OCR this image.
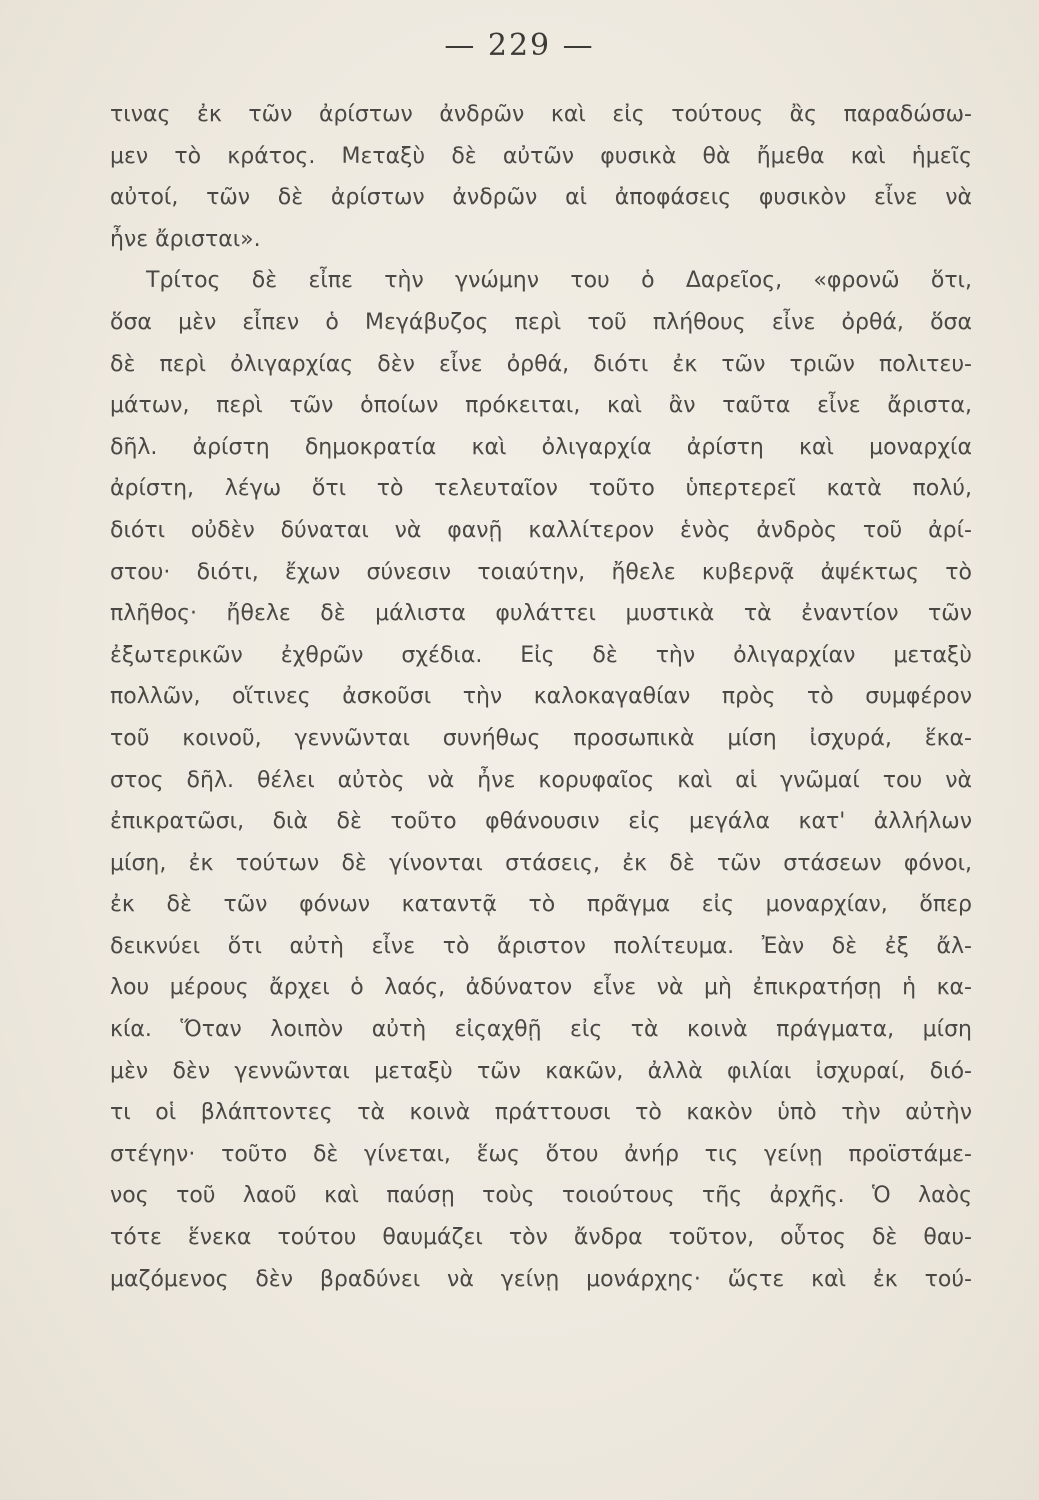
— 229 —
τινας ἐκ τῶν ἀρίστων ἀνδρῶν καὶ εἰς τούτους ἂς παραδώσω-
μεν τὸ κράτος. Μεταξὺ δὲ αὐτῶν φυσικὰ θὰ ἤμεθα καὶ ἡμεῖς
αὐτοί, τῶν δὲ ἀρίστων ἀνδρῶν αἱ ἀποφάσεις φυσικὸν εἶνε νὰ
ἦνε ἄρισται».
Τρίτος δὲ εἶπε τὴν γνώμην του ὁ Δαρεῖος, «φρονῶ ὅτι,
ὅσα μὲν εἶπεν ὁ Μεγάβυζος περὶ τοῦ πλήθους εἶνε ὀρθά, ὅσα
δὲ περὶ ὀλιγαρχίας δὲν εἶνε ὀρθά, διότι ἐκ τῶν τριῶν πολιτευ-
μάτων, περὶ τῶν ὁποίων πρόκειται, καὶ ἂν ταῦτα εἶνε ἄριστα,
δῆλ. ἀρίστη δημοκρατία καὶ ὀλιγαρχία ἀρίστη καὶ μοναρχία
ἀρίστη, λέγω ὅτι τὸ τελευταῖον τοῦτο ὑπερτερεῖ κατὰ πολύ,
διότι οὐδὲν δύναται νὰ φανῇ καλλίτερον ἑνὸς ἀνδρὸς τοῦ ἀρί-
στου· διότι, ἔχων σύνεσιν τοιαύτην, ἤθελε κυβερνᾷ ἀψέκτως τὸ
πλῆθος· ἤθελε δὲ μάλιστα φυλάττει μυστικὰ τὰ ἐναντίον τῶν
ἐξωτερικῶν ἐχθρῶν σχέδια. Εἰς δὲ τὴν ὀλιγαρχίαν μεταξὺ
πολλῶν, οἵτινες ἀσκοῦσι τὴν καλοκαγαθίαν πρὸς τὸ συμφέρον
τοῦ κοινοῦ, γεννῶνται συνήθως προσωπικὰ μίση ἰσχυρά, ἕκα-
στος δῆλ. θέλει αὐτὸς νὰ ἦνε κορυφαῖος καὶ αἱ γνῶμαί του νὰ
ἐπικρατῶσι, διὰ δὲ τοῦτο φθάνουσιν εἰς μεγάλα κατ' ἀλλήλων
μίση, ἐκ τούτων δὲ γίνονται στάσεις, ἐκ δὲ τῶν στάσεων φόνοι,
ἐκ δὲ τῶν φόνων καταντᾷ τὸ πρᾶγμα εἰς μοναρχίαν, ὅπερ
δεικνύει ὅτι αὐτὴ εἶνε τὸ ἄριστον πολίτευμα. Ἐὰν δὲ ἐξ ἄλ-
λου μέρους ἄρχει ὁ λαός, ἀδύνατον εἶνε νὰ μὴ ἐπικρατήσῃ ἡ κα-
κία. Ὅταν λοιπὸν αὐτὴ εἰςαχθῇ εἰς τὰ κοινὰ πράγματα, μίση
μὲν δὲν γεννῶνται μεταξὺ τῶν κακῶν, ἀλλὰ φιλίαι ἰσχυραί, διό-
τι οἱ βλάπτοντες τὰ κοινὰ πράττουσι τὸ κακὸν ὑπὸ τὴν αὐτὴν
στέγην· τοῦτο δὲ γίνεται, ἕως ὅτου ἀνήρ τις γείνῃ προϊστάμε-
νος τοῦ λαοῦ καὶ παύσῃ τοὺς τοιούτους τῆς ἀρχῆς. Ὁ λαὸς
τότε ἕνεκα τούτου θαυμάζει τὸν ἄνδρα τοῦτον, οὗτος δὲ θαυ-
μαζόμενος δὲν βραδύνει νὰ γείνῃ μονάρχης· ὥςτε καὶ ἐκ τού-
